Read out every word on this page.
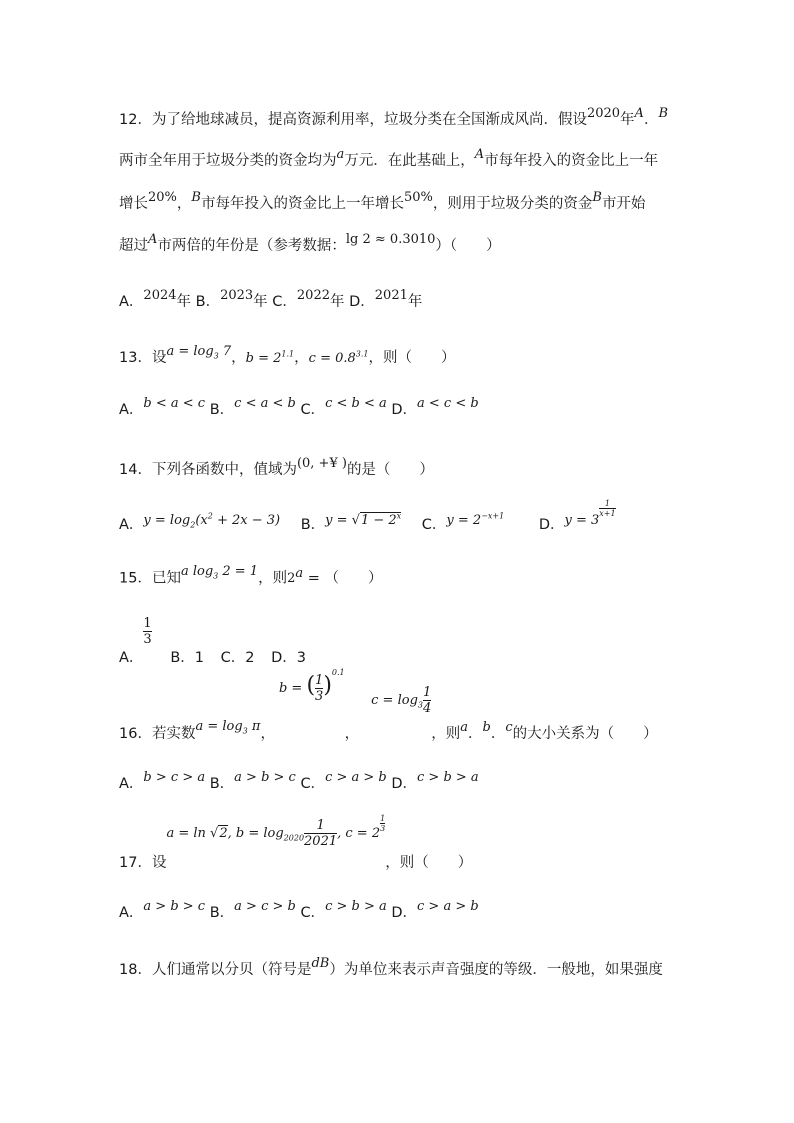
12．为了给地球减员，提高资源利用率，垃圾分类在全国渐成风尚．假设2020年A．B
两市全年用于垃圾分类的资金均为a万元．在此基础上，A市每年投入的资金比上一年
增长20%，B市每年投入的资金比上一年增长50%，则用于垃圾分类的资金B市开始
超过A市两倍的年份是（参考数据：lg 2 ≈ 0.3010）（　　）
A．2024年 B．2023年 C．2022年 D．2021年
13．设$a = \log_3 7$，$b = 2^{1.1}$，$c = 0.8^{3.1}$，则（　　）
A．b < a < c B．c < a < b C．c < b < a D．a < c < b
14．下列各函数中，值域为(0, +¥ )的是（　　）
A．$y = \log_2(x^2 + 2x - 3)$ B．$y = √1 - 2^x$ C．$y = 2^{-x+1}$ D．y = 3
$\frac{1}{x+1}$
15．已知a $\log_3 2 = 1$，则$2^a$ = （　　）
A．
$\frac{1}{3}$
B．1 C．2 D．3
16．若实数$a = \log_3 \pi$，b = ( $\frac{1}{3} )^{0.1}$，$c = \log_3 \frac{1}{4}$
，则a．b．c的大小关系为（　　）
A．b > c > a B．a > b > c C．c > a > b D．c > b > a
17．设a = ln √2, $b = \log_{2020} \frac{1}{2021}$ , c = 2
$\frac{1}{3}$
，则（　　）
A．a > b > c B．a > c > b C．c > b > a D．c > a > b
18．人们通常以分贝（符号是dB）为单位来表示声音强度的等级．一般地，如果强度
